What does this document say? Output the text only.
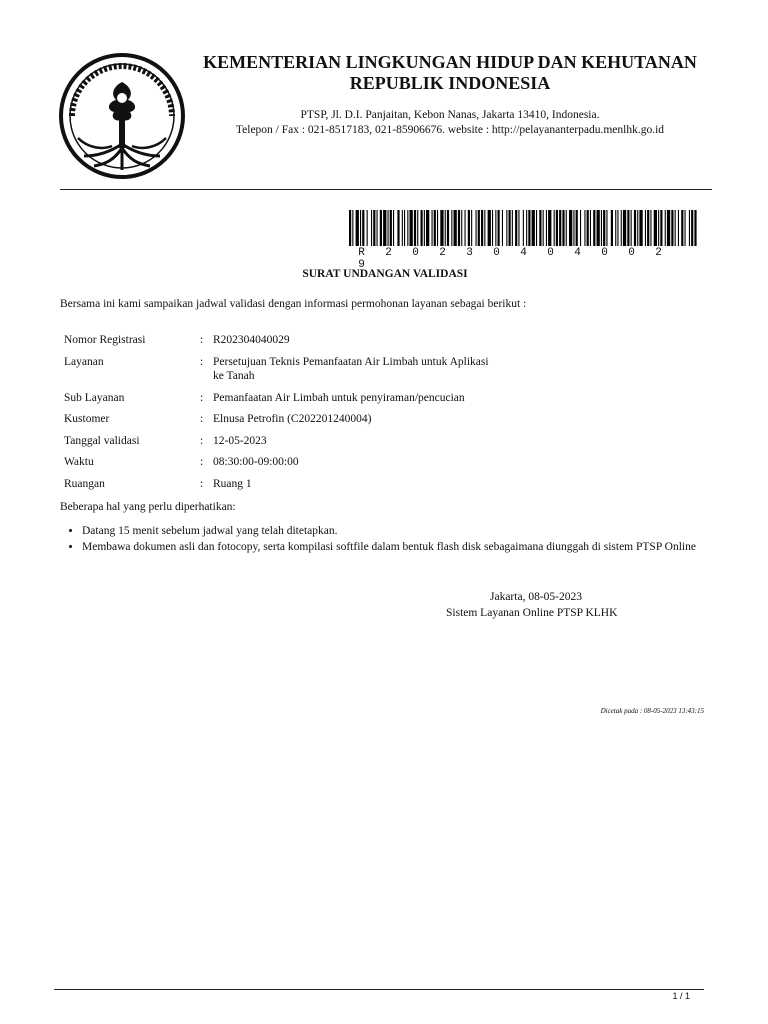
KEMENTERIAN LINGKUNGAN HIDUP DAN KEHUTANAN
REPUBLIK INDONESIA
PTSP, Jl. D.I. Panjaitan, Kebon Nanas, Jakarta 13410, Indonesia.
Telepon / Fax : 021-8517183, 021-85906676. website : http://pelayananterpadu.menlhk.go.id
R 2 0 2 3 0 4 0 4 0 0 29
SURAT UNDANGAN VALIDASI
Bersama ini kami sampaikan jadwal validasi dengan informasi permohonan layanan sebagai berikut :
Nomor Registrasi	:	R202304040029
Layanan	:	Persetujuan Teknis Pemanfaatan Air Limbah untuk Aplikasi
ke Tanah

Sub Layanan	:	Pemanfaatan Air Limbah untuk penyiraman/pencucian
Kustomer	:	Elnusa Petrofin (C202201240004)
Tanggal validasi	:	12-05-2023
Waktu	:	08:30:00-09:00:00
Ruangan	:	Ruang 1
Beberapa hal yang perlu diperhatikan:
• Datang 15 menit sebelum jadwal yang telah ditetapkan.
• Membawa dokumen asli dan fotocopy, serta kompilasi softfile dalam bentuk flash disk sebagaimana diunggah di sistem PTSP Online
Jakarta, 08-05-2023
Sistem Layanan Online PTSP KLHK
Dicetak pada : 08-05-2023 13:43:15
1 / 1
